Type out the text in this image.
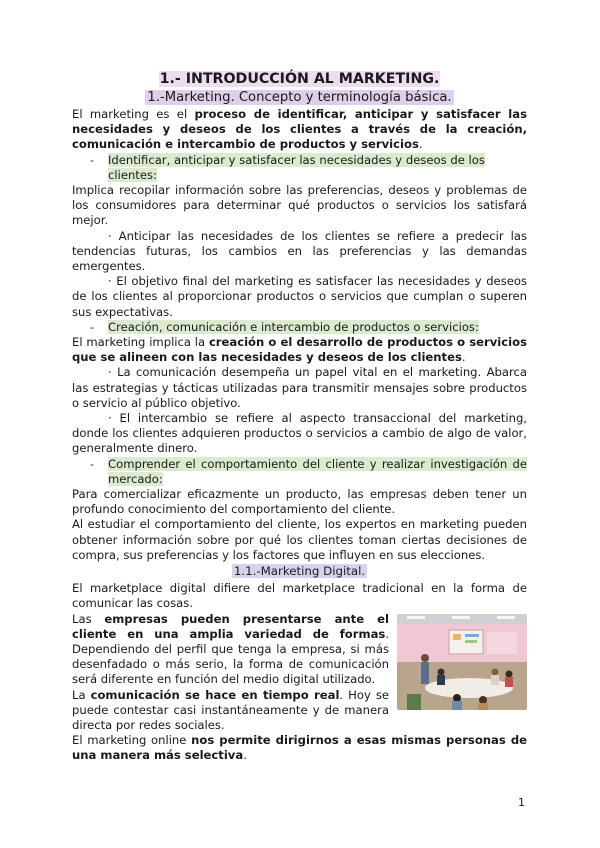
1.- INTRODUCCIÓN AL MARKETING.
1.-Marketing. Concepto y terminología básica.

El marketing es el proceso de identificar, anticipar y satisfacer las necesidades y deseos de los clientes a través de la creación, comunicación e intercambio de productos y servicios.

-	Identificar, anticipar y satisfacer las necesidades y deseos de los clientes:

Implica recopilar información sobre las preferencias, deseos y problemas de los consumidores para determinar qué productos o servicios los satisfará mejor.

· Anticipar las necesidades de los clientes se refiere a predecir las tendencias futuras, los cambios en las preferencias y las demandas emergentes.

· El objetivo final del marketing es satisfacer las necesidades y deseos de los clientes al proporcionar productos o servicios que cumplan o superen sus expectativas.

-	Creación, comunicación e intercambio de productos o servicios:

El marketing implica la creación o el desarrollo de productos o servicios que se alineen con las necesidades y deseos de los clientes.

· La comunicación desempeña un papel vital en el marketing. Abarca las estrategias y tácticas utilizadas para transmitir mensajes sobre productos o servicio al público objetivo.

· El intercambio se refiere al aspecto transaccional del marketing, donde los clientes adquieren productos o servicios a cambio de algo de valor, generalmente dinero.

-	Comprender el comportamiento del cliente y realizar investigación de mercado:

Para comercializar eficazmente un producto, las empresas deben tener un profundo conocimiento del comportamiento del cliente.

Al estudiar el comportamiento del cliente, los expertos en marketing pueden obtener información sobre por qué los clientes toman ciertas decisiones de compra, sus preferencias y los factores que influyen en sus elecciones.

1.1.-Marketing Digital.

El marketplace digital difiere del marketplace tradicional en la forma de comunicar las cosas.

Las empresas pueden presentarse ante el cliente en una amplia variedad de formas. Dependiendo del perfil que tenga la empresa, si más desenfadado o más serio, la forma de comunicación será diferente en función del medio digital utilizado.

La comunicación se hace en tiempo real. Hoy se puede contestar casi instantáneamente y de manera directa por redes sociales.

El marketing online nos permite dirigirnos a esas mismas personas de una manera más selectiva.

1
